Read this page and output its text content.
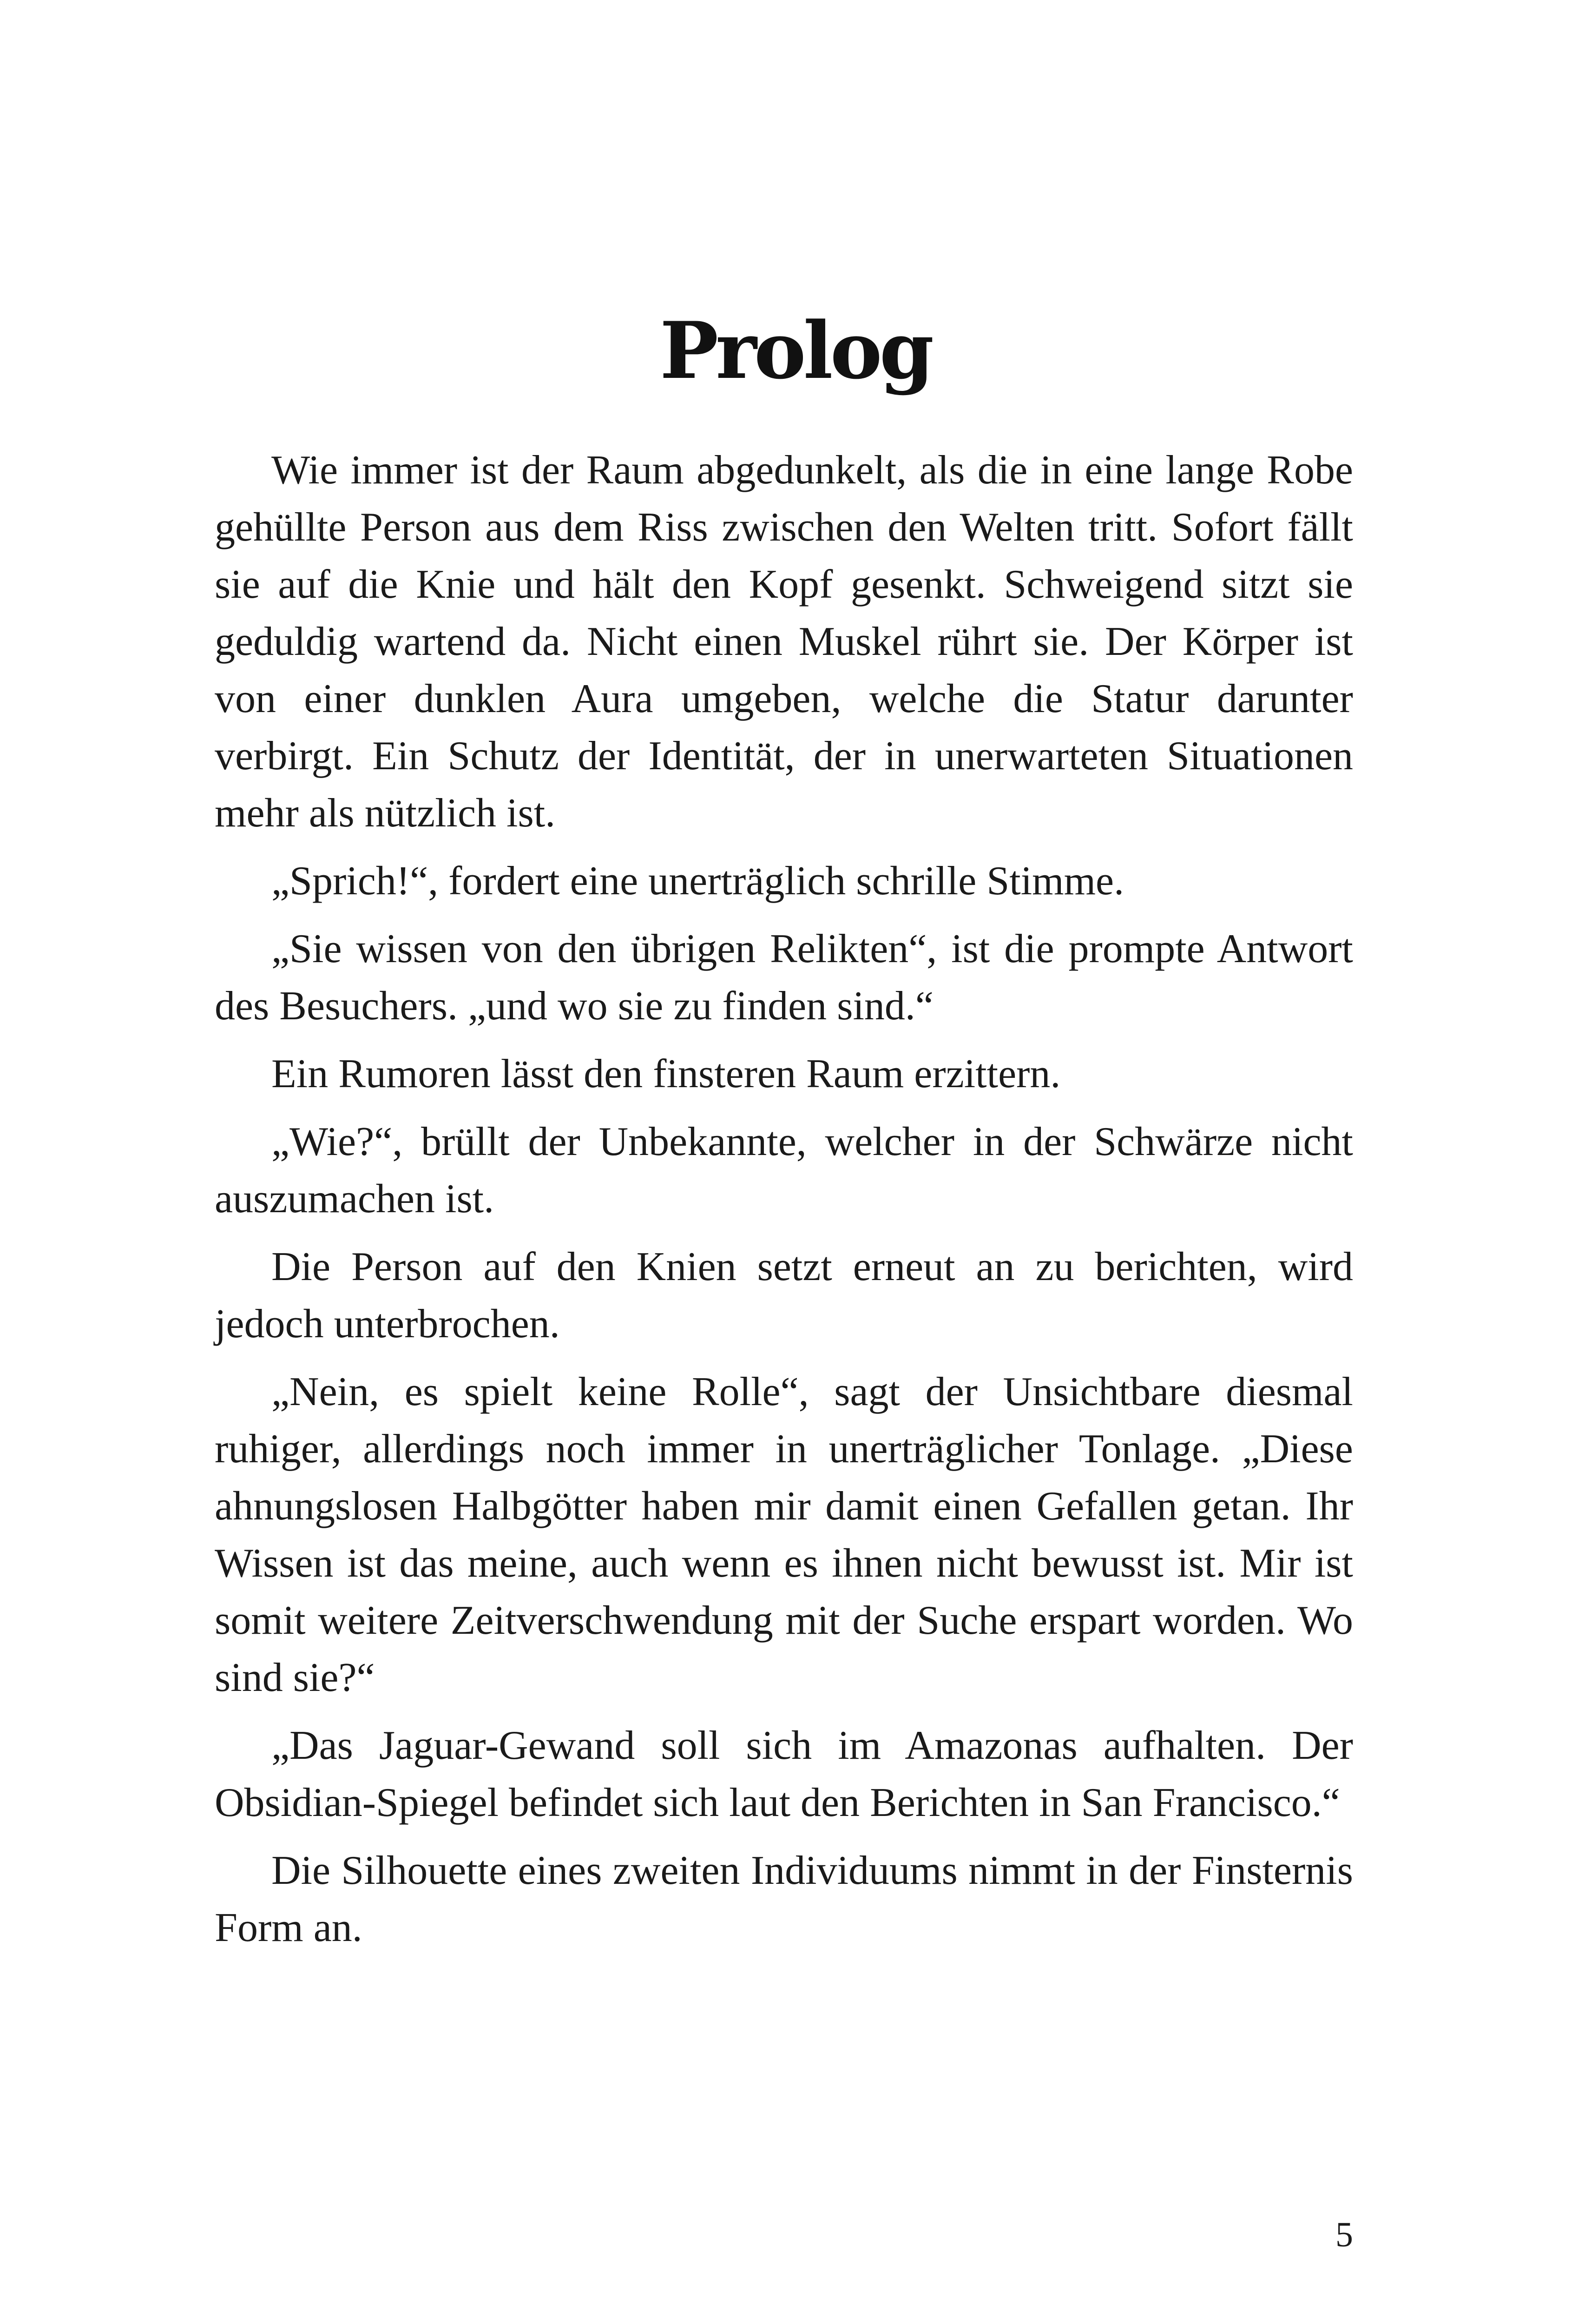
Prolog

Wie immer ist der Raum abgedunkelt, als die in eine lange Robe gehüllte Person aus dem Riss zwischen den Welten tritt. Sofort fällt sie auf die Knie und hält den Kopf gesenkt. Schweigend sitzt sie geduldig wartend da. Nicht einen Muskel rührt sie. Der Körper ist von einer dunklen Aura umgeben, welche die Statur darunter verbirgt. Ein Schutz der Identität, der in unerwarteten Situationen mehr als nützlich ist.

„Sprich!“, fordert eine unerträglich schrille Stimme.

„Sie wissen von den übrigen Relikten“, ist die prompte Antwort des Besuchers. „und wo sie zu finden sind.“

Ein Rumoren lässt den finsteren Raum erzittern.

„Wie?“, brüllt der Unbekannte, welcher in der Schwärze nicht auszumachen ist.

Die Person auf den Knien setzt erneut an zu berichten, wird jedoch unterbrochen.

„Nein, es spielt keine Rolle“, sagt der Unsichtbare diesmal ruhiger, allerdings noch immer in unerträglicher Tonlage. „Diese ahnungslosen Halbgötter haben mir damit einen Gefallen getan. Ihr Wissen ist das meine, auch wenn es ihnen nicht bewusst ist. Mir ist somit weitere Zeitverschwendung mit der Suche erspart worden. Wo sind sie?“

„Das Jaguar-Gewand soll sich im Amazonas aufhalten. Der Obsidian-Spiegel befindet sich laut den Berichten in San Francisco.“

Die Silhouette eines zweiten Individuums nimmt in der Finsternis Form an.

5
